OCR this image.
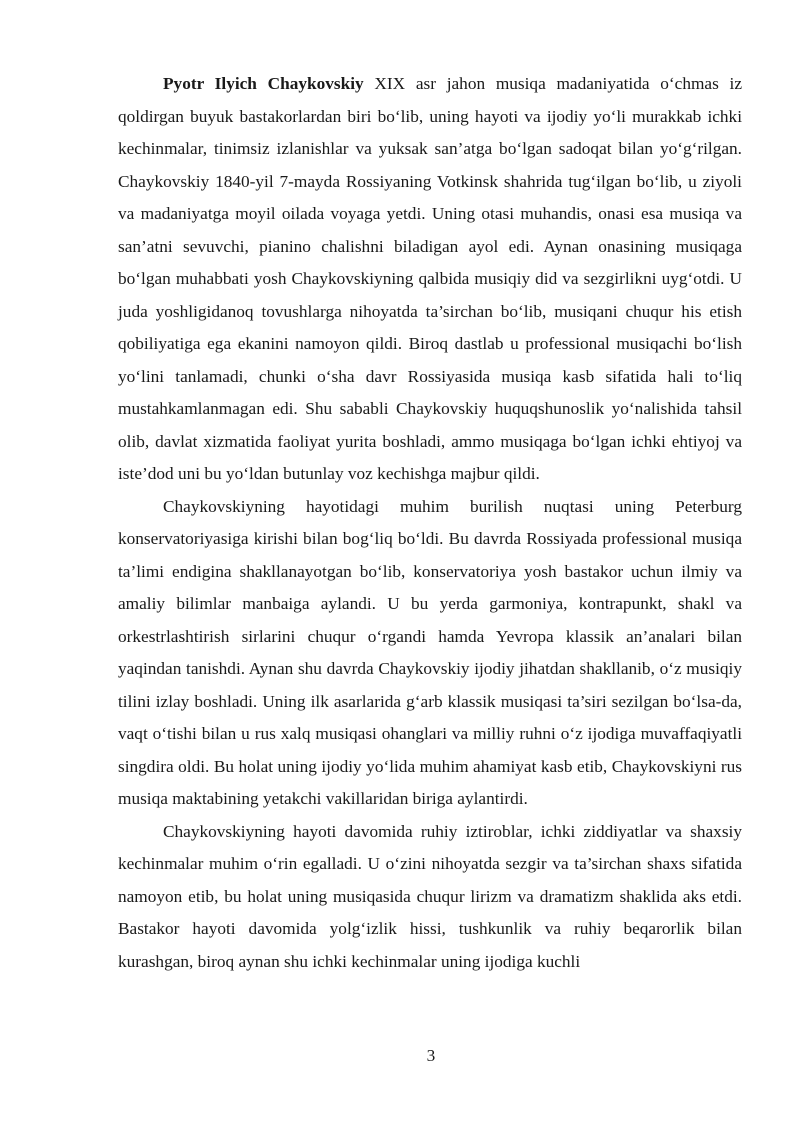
Pyotr Ilyich Chaykovskiy XIX asr jahon musiqa madaniyatida o‘chmas iz qoldirgan buyuk bastakorlardan biri bo‘lib, uning hayoti va ijodiy yo‘li murakkab ichki kechinmalar, tinimsiz izlanishlar va yuksak san’atga bo‘lgan sadoqat bilan yo‘g‘rilgan. Chaykovskiy 1840-yil 7-mayda Rossiyaning Votkinsk shahrida tug‘ilgan bo‘lib, u ziyoli va madaniyatga moyil oilada voyaga yetdi. Uning otasi muhandis, onasi esa musiqa va san’atni sevuvchi, pianino chalishni biladigan ayol edi. Aynan onasining musiqaga bo‘lgan muhabbati yosh Chaykovskiyning qalbida musiqiy did va sezgirlikni uyg‘otdi. U juda yoshligidanoq tovushlarga nihoyatda ta’sirchan bo‘lib, musiqani chuqur his etish qobiliyatiga ega ekanini namoyon qildi. Biroq dastlab u professional musiqachi bo‘lish yo‘lini tanlamadi, chunki o‘sha davr Rossiyasida musiqa kasb sifatida hali to‘liq mustahkamlanmagan edi. Shu sababli Chaykovskiy huquqshunoslik yo‘nalishida tahsil olib, davlat xizmatida faoliyat yurita boshladi, ammo musiqaga bo‘lgan ichki ehtiyoj va iste’dod uni bu yo‘ldan butunlay voz kechishga majbur qildi.

Chaykovskiyning hayotidagi muhim burilish nuqtasi uning Peterburg konservatoriyasiga kirishi bilan bog‘liq bo‘ldi. Bu davrda Rossiyada professional musiqa ta’limi endigina shakllanayotgan bo‘lib, konservatoriya yosh bastakor uchun ilmiy va amaliy bilimlar manbaiga aylandi. U bu yerda garmoniya, kontrapunkt, shakl va orkestrlashtirish sirlarini chuqur o‘rgandi hamda Yevropa klassik an’analari bilan yaqindan tanishdi. Aynan shu davrda Chaykovskiy ijodiy jihatdan shakllanib, o‘z musiqiy tilini izlay boshladi. Uning ilk asarlarida g‘arb klassik musiqasi ta’siri sezilgan bo‘lsa-da, vaqt o‘tishi bilan u rus xalq musiqasi ohanglari va milliy ruhni o‘z ijodiga muvaffaqiyatli singdira oldi. Bu holat uning ijodiy yo‘lida muhim ahamiyat kasb etib, Chaykovskiyni rus musiqa maktabining yetakchi vakillaridan biriga aylantirdi.

Chaykovskiyning hayoti davomida ruhiy iztiroblar, ichki ziddiyatlar va shaxsiy kechinmalar muhim o‘rin egalladi. U o‘zini nihoyatda sezgir va ta’sirchan shaxs sifatida namoyon etib, bu holat uning musiqasida chuqur lirizm va dramatizm shaklida aks etdi. Bastakor hayoti davomida yolg‘izlik hissi, tushkunlik va ruhiy beqarorlik bilan kurashgan, biroq aynan shu ichki kechinmalar uning ijodiga kuchli

3
